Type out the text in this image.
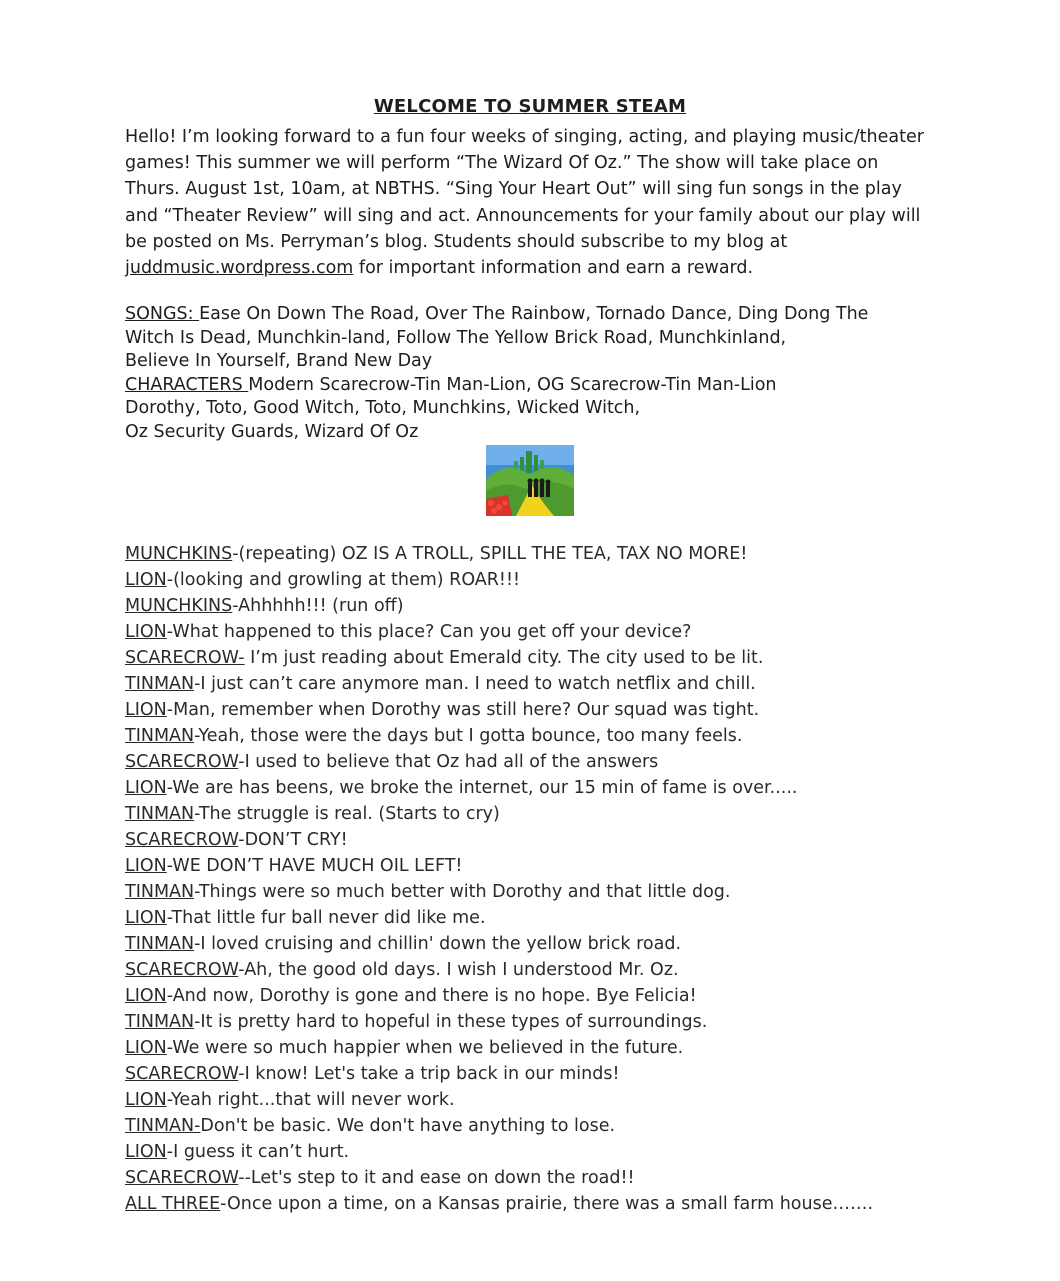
WELCOME TO SUMMER STEAM
Hello! I’m looking forward to a fun four weeks of singing, acting, and playing music/theater
games! This summer we will perform “The Wizard Of Oz.” The show will take place on
Thurs. August 1st, 10am, at NBTHS. “Sing Your Heart Out” will sing fun songs in the play
and “Theater Review” will sing and act. Announcements for your family about our play will
be posted on Ms. Perryman’s blog. Students should subscribe to my blog at
juddmusic.wordpress.com for important information and earn a reward.
SONGS: Ease On Down The Road, Over The Rainbow, Tornado Dance, Ding Dong The
Witch Is Dead, Munchkin-land, Follow The Yellow Brick Road, Munchkinland,
Believe In Yourself, Brand New Day
CHARACTERS Modern Scarecrow-Tin Man-Lion, OG Scarecrow-Tin Man-Lion
Dorothy, Toto, Good Witch, Toto, Munchkins, Wicked Witch,
Oz Security Guards, Wizard Of Oz
MUNCHKINS-(repeating) OZ IS A TROLL, SPILL THE TEA, TAX NO MORE!
LION-(looking and growling at them) ROAR!!!
MUNCHKINS-Ahhhhh!!! (run off)
LION-What happened to this place? Can you get off your device?
SCARECROW- I’m just reading about Emerald city. The city used to be lit.
TINMAN-I just can’t care anymore man. I need to watch netflix and chill.
LION-Man, remember when Dorothy was still here? Our squad was tight.
TINMAN-Yeah, those were the days but I gotta bounce, too many feels.
SCARECROW-I used to believe that Oz had all of the answers
LION-We are has beens, we broke the internet, our 15 min of fame is over.....
TINMAN-The struggle is real. (Starts to cry)
SCARECROW-DON’T CRY!
LION-WE DON’T HAVE MUCH OIL LEFT!
TINMAN-Things were so much better with Dorothy and that little dog.
LION-That little fur ball never did like me.
TINMAN-I loved cruising and chillin' down the yellow brick road.
SCARECROW-Ah, the good old days. I wish I understood Mr. Oz.
LION-And now, Dorothy is gone and there is no hope. Bye Felicia!
TINMAN-It is pretty hard to hopeful in these types of surroundings.
LION-We were so much happier when we believed in the future.
SCARECROW-I know! Let's take a trip back in our minds!
LION-Yeah right...that will never work.
TINMAN-Don't be basic. We don't have anything to lose.
LION-I guess it can’t hurt.
SCARECROW--Let's step to it and ease on down the road!!
ALL THREE-Once upon a time, on a Kansas prairie, there was a small farm house…….
